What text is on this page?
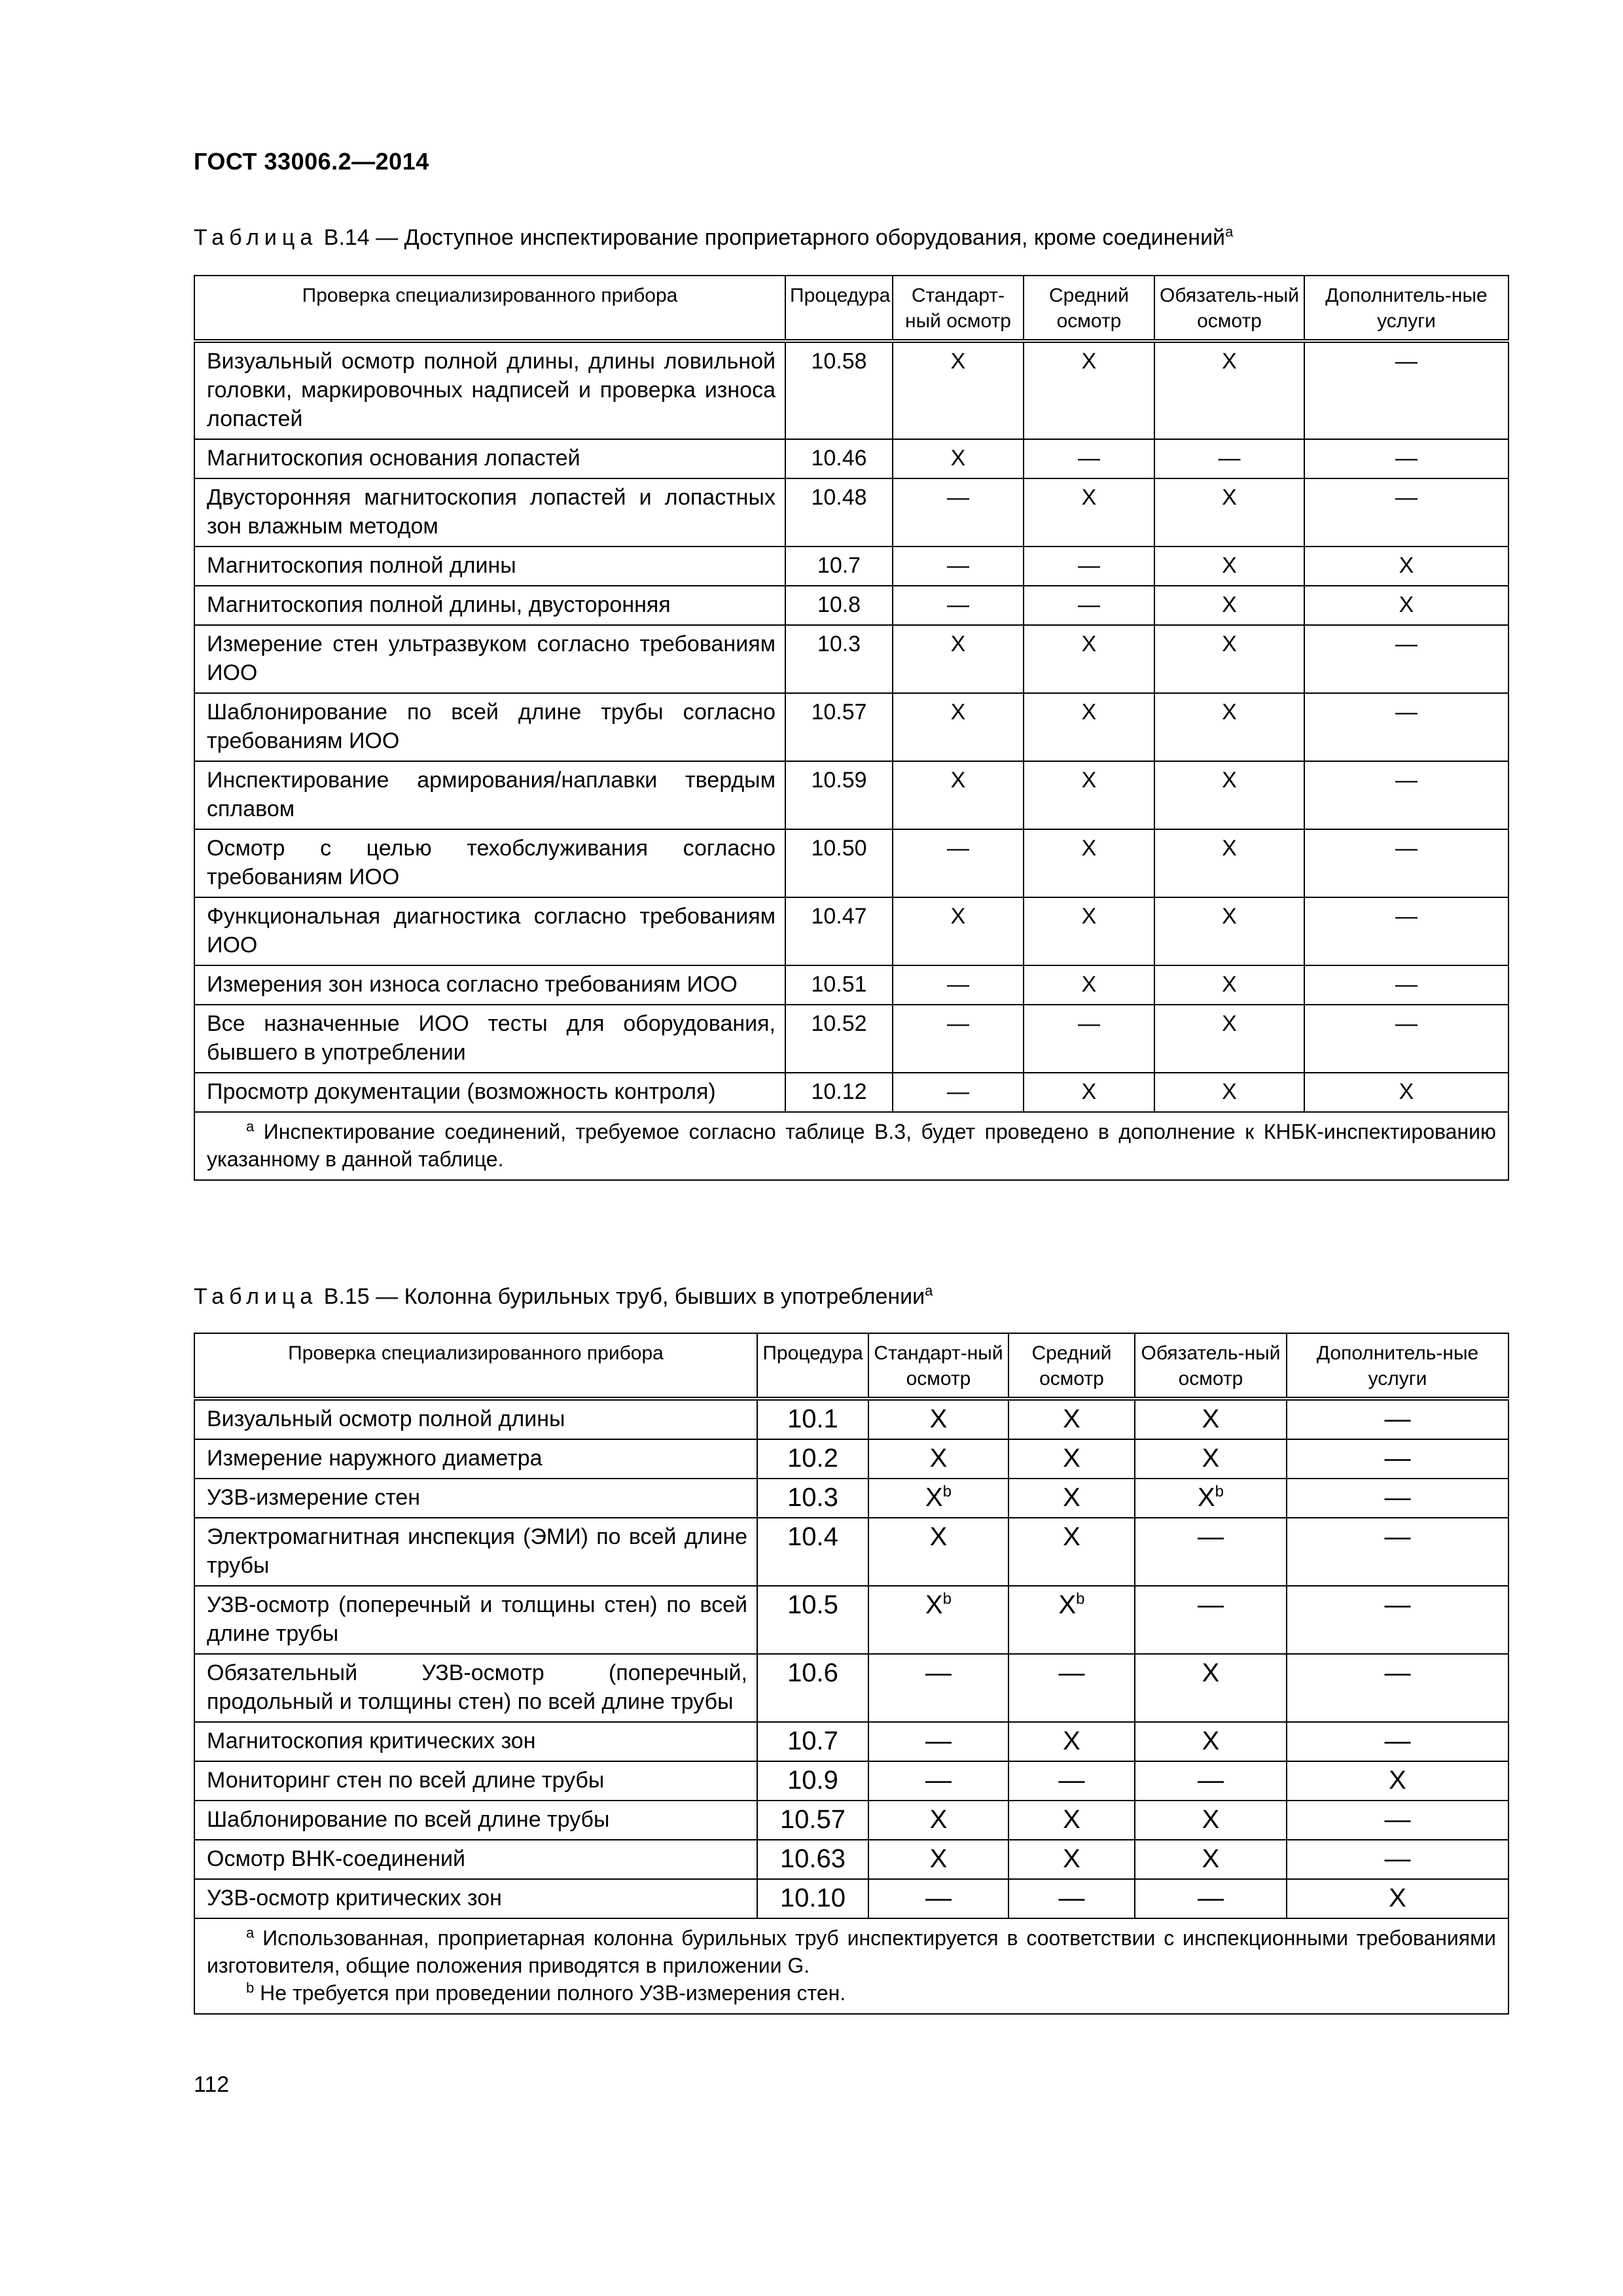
ГОСТ 33006.2—2014
Таблица В.14 — Доступное инспектирование проприетарного оборудования, кроме соединений$^a$
Проверка специализированного прибора	Процедура	Стандарт-ный осмотр	Средний осмотр	Обязатель-ный осмотр	Дополнитель-ные услуги
Визуальный осмотр полной длины, длины ловильной головки, маркировочных надписей и проверка износа лопастей	10.58	X	X	X	—
Магнитоскопия основания лопастей	10.46	X	—	—	—
Двусторонняя магнитоскопия лопастей и лопастных зон влажным методом	10.48	—	X	X	—
Магнитоскопия полной длины	10.7	—	—	X	X
Магнитоскопия полной длины, двусторонняя	10.8	—	—	X	X
Измерение стен ультразвуком согласно требованиям ИОО	10.3	X	X	X	—
Шаблонирование по всей длине трубы согласно требованиям ИОО	10.57	X	X	X	—
Инспектирование армирования/наплавки твердым сплавом	10.59	X	X	X	—
Осмотр с целью техобслуживания согласно требованиям ИОО	10.50	—	X	X	—
Функциональная диагностика согласно требованиям ИОО	10.47	X	X	X	—
Измерения зон износа согласно требованиям ИОО	10.51	—	X	X	—
Все назначенные ИОО тесты для оборудования, бывшего в употреблении	10.52	—	—	X	—
Просмотр документации (возможность контроля)	10.12	—	X	X	X

$^a$ Инспектирование соединений, требуемое согласно таблице В.3, будет проведено в дополнение к КНБК-инспектированию указанному в данной таблице.					
Таблица В.15 — Колонна бурильных труб, бывших в употреблении$^a$
Проверка специализированного прибора	Процедура	Стандарт-ный осмотр	Средний осмотр	Обязатель-ный осмотр	Дополнитель-ные услуги
Визуальный осмотр полной длины	10.1	X	X	X	—
Измерение наружного диаметра	10.2	X	X	X	—
УЗВ-измерение стен	10.3	$X^b$	X	$X^b$	—
Электромагнитная инспекция (ЭМИ) по всей длине трубы	10.4	X	X	—	—
УЗВ-осмотр (поперечный и толщины стен) по всей длине трубы	10.5	$X^b$	$X^b$	—	—
Обязательный УЗВ-осмотр (поперечный, продольный и толщины стен) по всей длине трубы	10.6	—	—	X	—
Магнитоскопия критических зон	10.7	—	X	X	—
Мониторинг стен по всей длине трубы	10.9	—	—	—	X
Шаблонирование по всей длине трубы	10.57	X	X	X	—
Осмотр ВНК-соединений	10.63	X	X	X	—
УЗВ-осмотр критических зон	10.10	—	—	—	X

$^a$ Использованная, проприетарная колонна бурильных труб инспектируется в соответствии с инспекционными требованиями изготовителя, общие положения приводятся в приложении G.
$^b$ Не требуется при проведении полного УЗВ-измерения стен.					
112
